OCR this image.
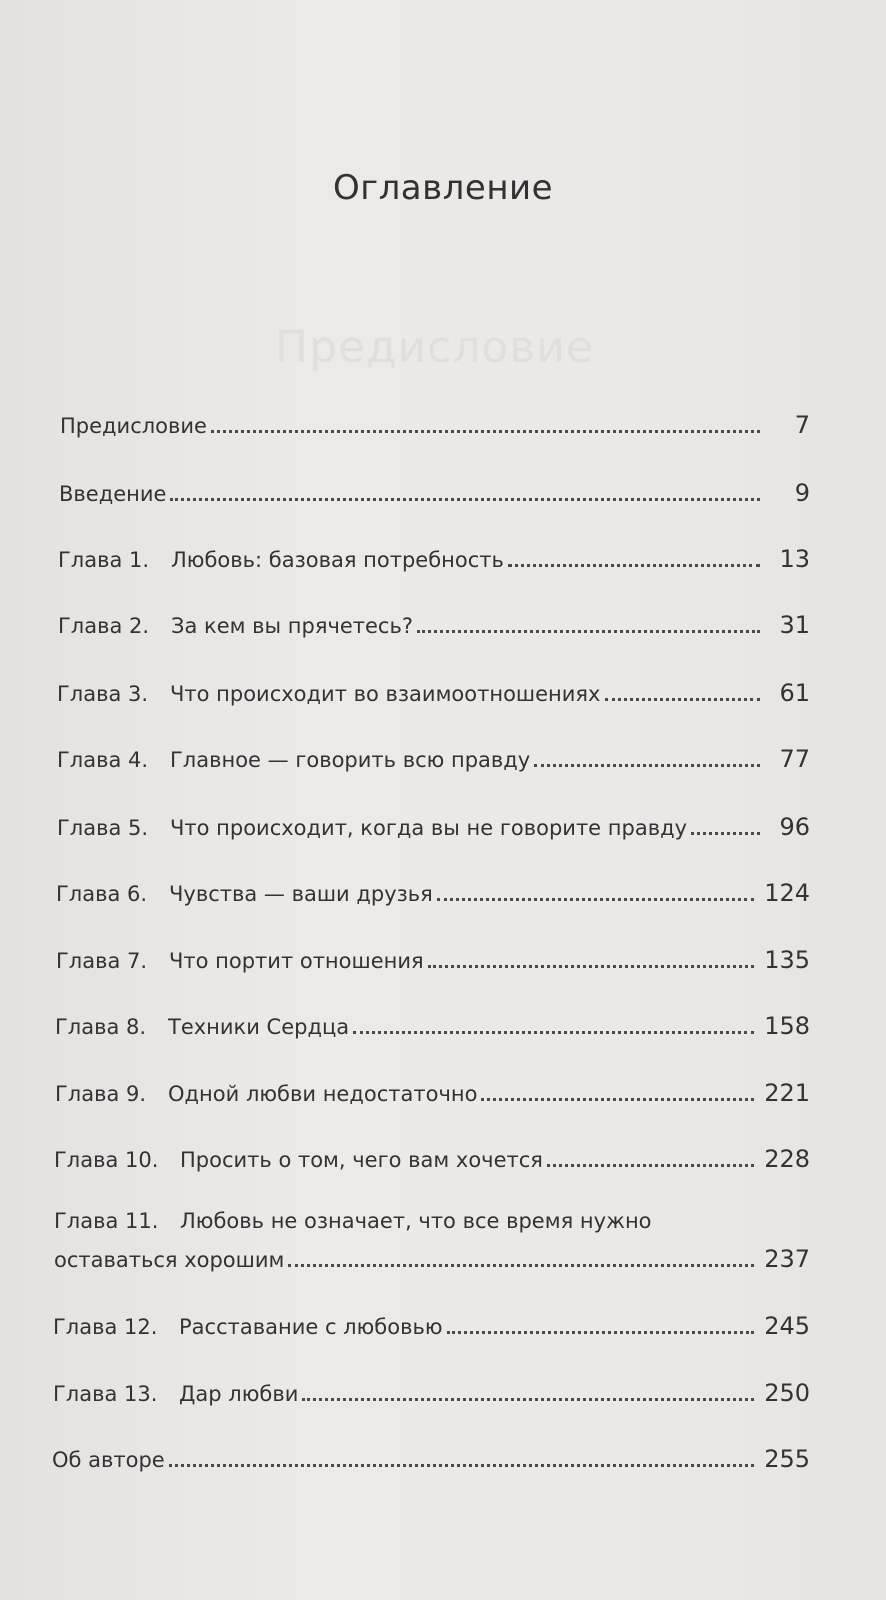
Предисловие
Оглавление
Предисловие	7
Введение	9
Глава 1. Любовь: базовая потребность	13
Глава 2. За кем вы прячетесь?	31
Глава 3. Что происходит во взаимоотношениях	61
Глава 4. Главное — говорить всю правду	77
Глава 5. Что происходит, когда вы не говорите правду	96
Глава 6. Чувства — ваши друзья	124
Глава 7. Что портит отношения	135
Глава 8. Техники Сердца	158
Глава 9. Одной любви недостаточно	221
Глава 10. Просить о том, чего вам хочется	228
Глава 11. Любовь не означает, что все время нужно
оставаться хорошим	237
Глава 12. Расставание с любовью	245
Глава 13. Дар любви	250
Об авторе	255
